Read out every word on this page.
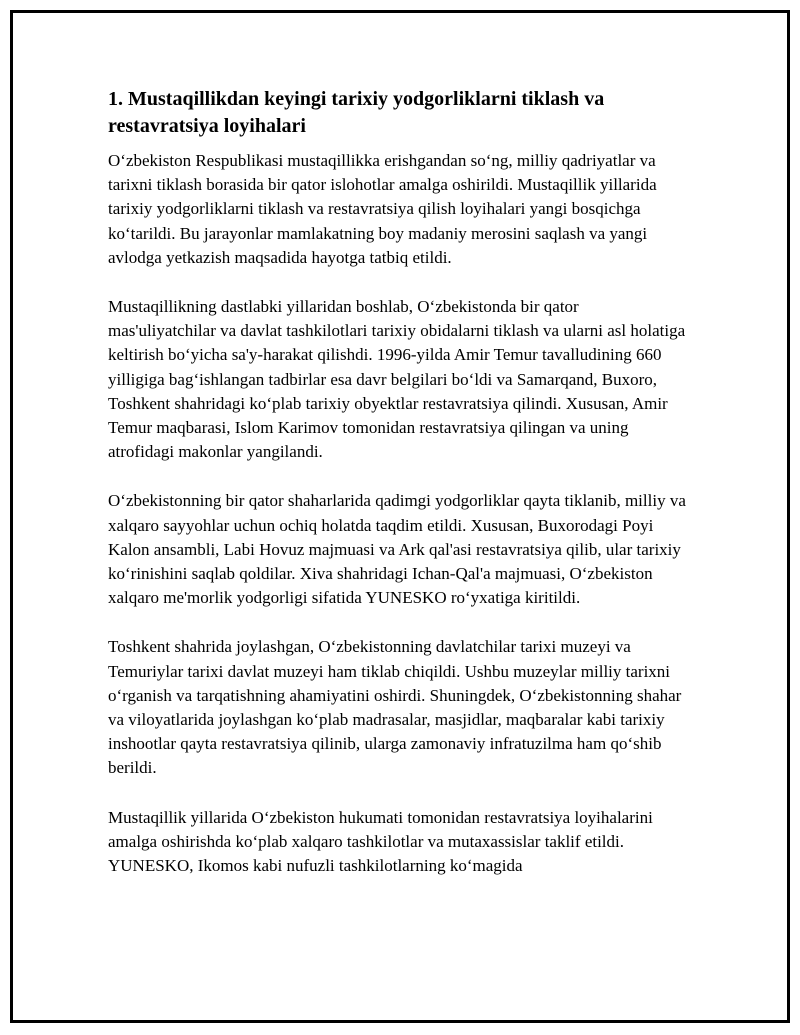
1. Mustaqillikdan keyingi tarixiy yodgorliklarni tiklash va restavratsiya loyihalari

O‘zbekiston Respublikasi mustaqillikka erishgandan so‘ng, milliy qadriyatlar va tarixni tiklash borasida bir qator islohotlar amalga oshirildi. Mustaqillik yillarida tarixiy yodgorliklarni tiklash va restavratsiya qilish loyihalari yangi bosqichga ko‘tarildi. Bu jarayonlar mamlakatning boy madaniy merosini saqlash va yangi avlodga yetkazish maqsadida hayotga tatbiq etildi.

Mustaqillikning dastlabki yillaridan boshlab, O‘zbekistonda bir qator mas'uliyatchilar va davlat tashkilotlari tarixiy obidalarni tiklash va ularni asl holatiga keltirish bo‘yicha sa'y-harakat qilishdi. 1996-yilda Amir Temur tavalludining 660 yilligiga bag‘ishlangan tadbirlar esa davr belgilari bo‘ldi va Samarqand, Buxoro, Toshkent shahridagi ko‘plab tarixiy obyektlar restavratsiya qilindi. Xususan, Amir Temur maqbarasi, Islom Karimov tomonidan restavratsiya qilingan va uning atrofidagi makonlar yangilandi.

O‘zbekistonning bir qator shaharlarida qadimgi yodgorliklar qayta tiklanib, milliy va xalqaro sayyohlar uchun ochiq holatda taqdim etildi. Xususan, Buxorodagi Poyi Kalon ansambli, Labi Hovuz majmuasi va Ark qal'asi restavratsiya qilib, ular tarixiy ko‘rinishini saqlab qoldilar. Xiva shahridagi Ichan-Qal'a majmuasi, O‘zbekiston xalqaro me'morlik yodgorligi sifatida YUNESKO ro‘yxatiga kiritildi.

Toshkent shahrida joylashgan, O‘zbekistonning davlatchilar tarixi muzeyi va Temuriylar tarixi davlat muzeyi ham tiklab chiqildi. Ushbu muzeylar milliy tarixni o‘rganish va tarqatishning ahamiyatini oshirdi. Shuningdek, O‘zbekistonning shahar va viloyatlarida joylashgan ko‘plab madrasalar, masjidlar, maqbaralar kabi tarixiy inshootlar qayta restavratsiya qilinib, ularga zamonaviy infratuzilma ham qo‘shib berildi.

Mustaqillik yillarida O‘zbekiston hukumati tomonidan restavratsiya loyihalarini amalga oshirishda ko‘plab xalqaro tashkilotlar va mutaxassislar taklif etildi. YUNESKO, Ikomos kabi nufuzli tashkilotlarning ko‘magida
